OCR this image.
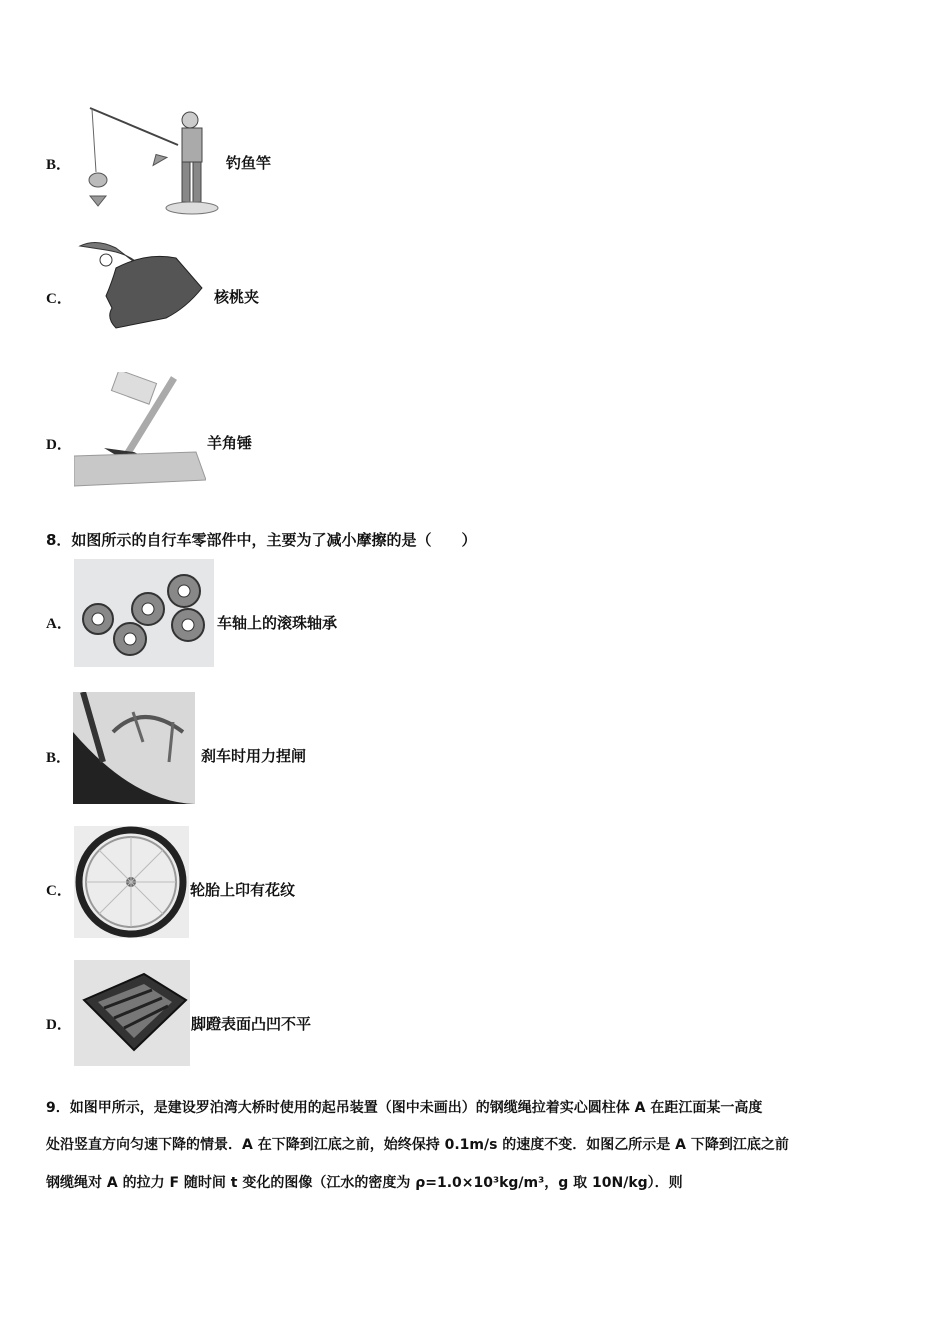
B．	钓鱼竿
C．	核桃夹
D．	羊角锤
8．如图所示的自行车零部件中，主要为了减小摩擦的是（　　）
A．	车轴上的滚珠轴承
B．	刹车时用力捏闸
C．	轮胎上印有花纹
D．	脚蹬表面凸凹不平
9．如图甲所示，是建设罗泊湾大桥时使用的起吊装置（图中未画出）的钢缆绳拉着实心圆柱体 A 在距江面某一高度
处沿竖直方向匀速下降的情景．A 在下降到江底之前，始终保持 0.1m/s 的速度不变．如图乙所示是 A 下降到江底之前
钢缆绳对 A 的拉力 F 随时间 t 变化的图像（江水的密度为 ρ=1.0×10³kg/m³，g 取 10N/kg）．则
